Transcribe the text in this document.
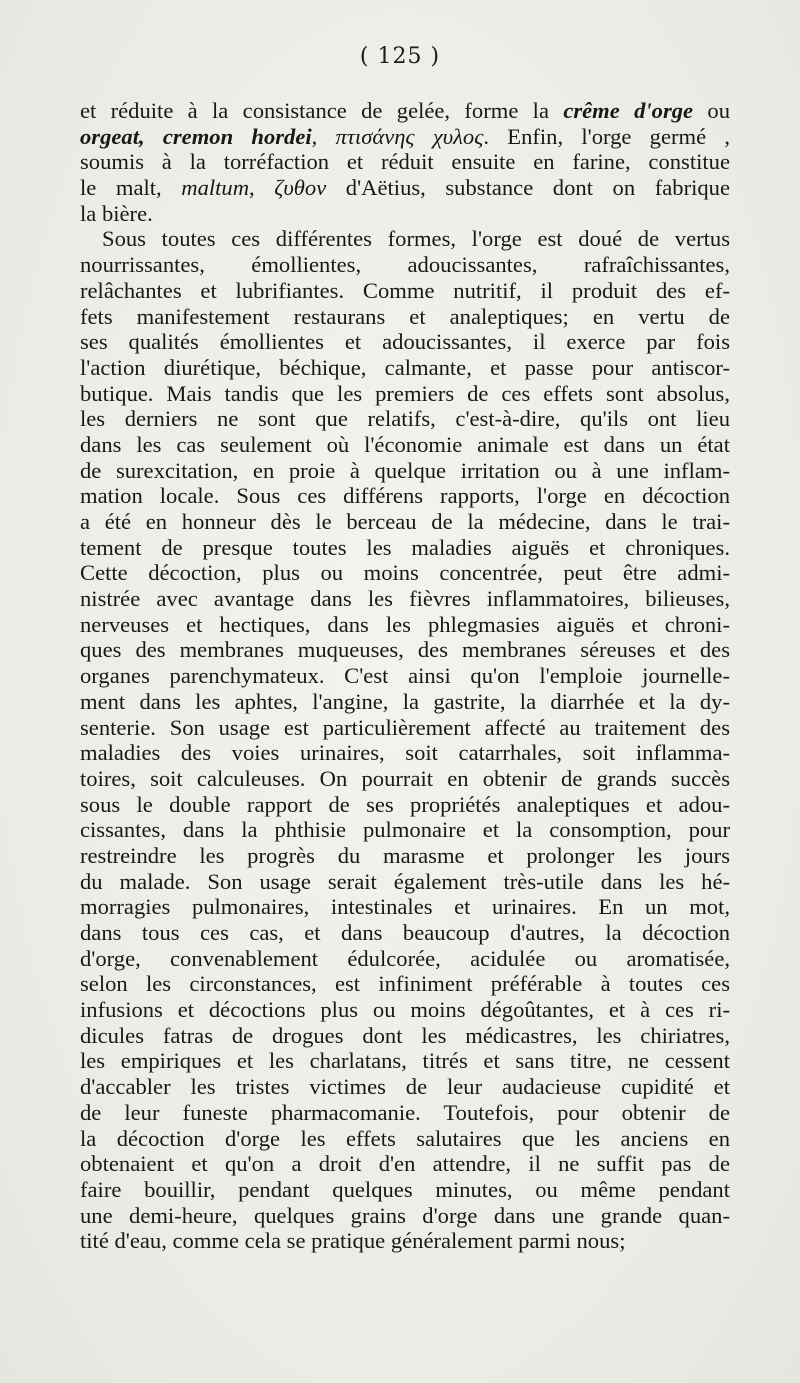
( 125 )
et réduite à la consistance de gelée, forme la crême d'orge ou
orgeat, cremon hordei, πτισάνης χυλος. Enfin, l'orge germé ,
soumis à la torréfaction et réduit ensuite en farine, constitue
le malt, maltum, ζυθον d'Aëtius, substance dont on fabrique
la bière.
Sous toutes ces différentes formes, l'orge est doué de vertus
nourrissantes, émollientes, adoucissantes, rafraîchissantes,
relâchantes et lubrifiantes. Comme nutritif, il produit des ef-
fets manifestement restaurans et analeptiques; en vertu de
ses qualités émollientes et adoucissantes, il exerce par fois
l'action diurétique, béchique, calmante, et passe pour antiscor-
butique. Mais tandis que les premiers de ces effets sont absolus,
les derniers ne sont que relatifs, c'est-à-dire, qu'ils ont lieu
dans les cas seulement où l'économie animale est dans un état
de surexcitation, en proie à quelque irritation ou à une inflam-
mation locale. Sous ces différens rapports, l'orge en décoction
a été en honneur dès le berceau de la médecine, dans le trai-
tement de presque toutes les maladies aiguës et chroniques.
Cette décoction, plus ou moins concentrée, peut être admi-
nistrée avec avantage dans les fièvres inflammatoires, bilieuses,
nerveuses et hectiques, dans les phlegmasies aiguës et chroni-
ques des membranes muqueuses, des membranes séreuses et des
organes parenchymateux. C'est ainsi qu'on l'emploie journelle-
ment dans les aphtes, l'angine, la gastrite, la diarrhée et la dy-
senterie. Son usage est particulièrement affecté au traitement des
maladies des voies urinaires, soit catarrhales, soit inflamma-
toires, soit calculeuses. On pourrait en obtenir de grands succès
sous le double rapport de ses propriétés analeptiques et adou-
cissantes, dans la phthisie pulmonaire et la consomption, pour
restreindre les progrès du marasme et prolonger les jours
du malade. Son usage serait également très-utile dans les hé-
morragies pulmonaires, intestinales et urinaires. En un mot,
dans tous ces cas, et dans beaucoup d'autres, la décoction
d'orge, convenablement édulcorée, acidulée ou aromatisée,
selon les circonstances, est infiniment préférable à toutes ces
infusions et décoctions plus ou moins dégoûtantes, et à ces ri-
dicules fatras de drogues dont les médicastres, les chiriatres,
les empiriques et les charlatans, titrés et sans titre, ne cessent
d'accabler les tristes victimes de leur audacieuse cupidité et
de leur funeste pharmacomanie. Toutefois, pour obtenir de
la décoction d'orge les effets salutaires que les anciens en
obtenaient et qu'on a droit d'en attendre, il ne suffit pas de
faire bouillir, pendant quelques minutes, ou même pendant
une demi-heure, quelques grains d'orge dans une grande quan-
tité d'eau, comme cela se pratique généralement parmi nous;
